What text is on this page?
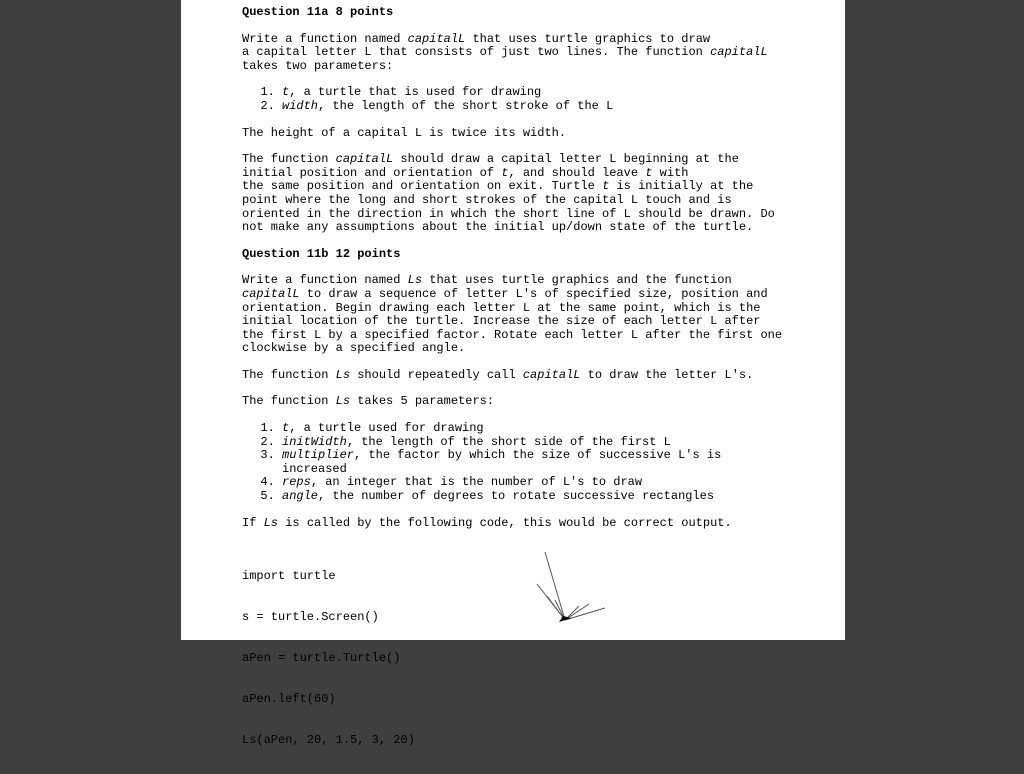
Question 11a 8 points

Write a function named capitalL that uses turtle graphics to draw

a capital letter L that consists of just two lines. The function capitalL

takes two parameters:

1. t, a turtle that is used for drawing
2. width, the length of the short stroke of the L

The height of a capital L is twice its width.

The function capitalL should draw a capital letter L beginning at the

initial position and orientation of t, and should leave t with

the same position and orientation on exit. Turtle t is initially at the

point where the long and short strokes of the capital L touch and is

oriented in the direction in which the short line of L should be drawn. Do

not make any assumptions about the initial up/down state of the turtle.

Question 11b 12 points

Write a function named Ls that uses turtle graphics and the function

capitalL to draw a sequence of letter L's of specified size, position and

orientation. Begin drawing each letter L at the same point, which is the

initial location of the turtle. Increase the size of each letter L after

the first L by a specified factor. Rotate each letter L after the first one

clockwise by a specified angle.

The function Ls should repeatedly call capitalL to draw the letter L's.

The function Ls takes 5 parameters:

1. t, a turtle used for drawing
2. initWidth, the length of the short side of the first L
3. multiplier, the factor by which the size of successive L's is
increased
4. reps, an integer that is the number of L's to draw
5. angle, the number of degrees to rotate successive rectangles

If Ls is called by the following code, this would be correct output.

import turtle

s = turtle.Screen()

aPen = turtle.Turtle()

aPen.left(60)

Ls(aPen, 20, 1.5, 3, 20)
